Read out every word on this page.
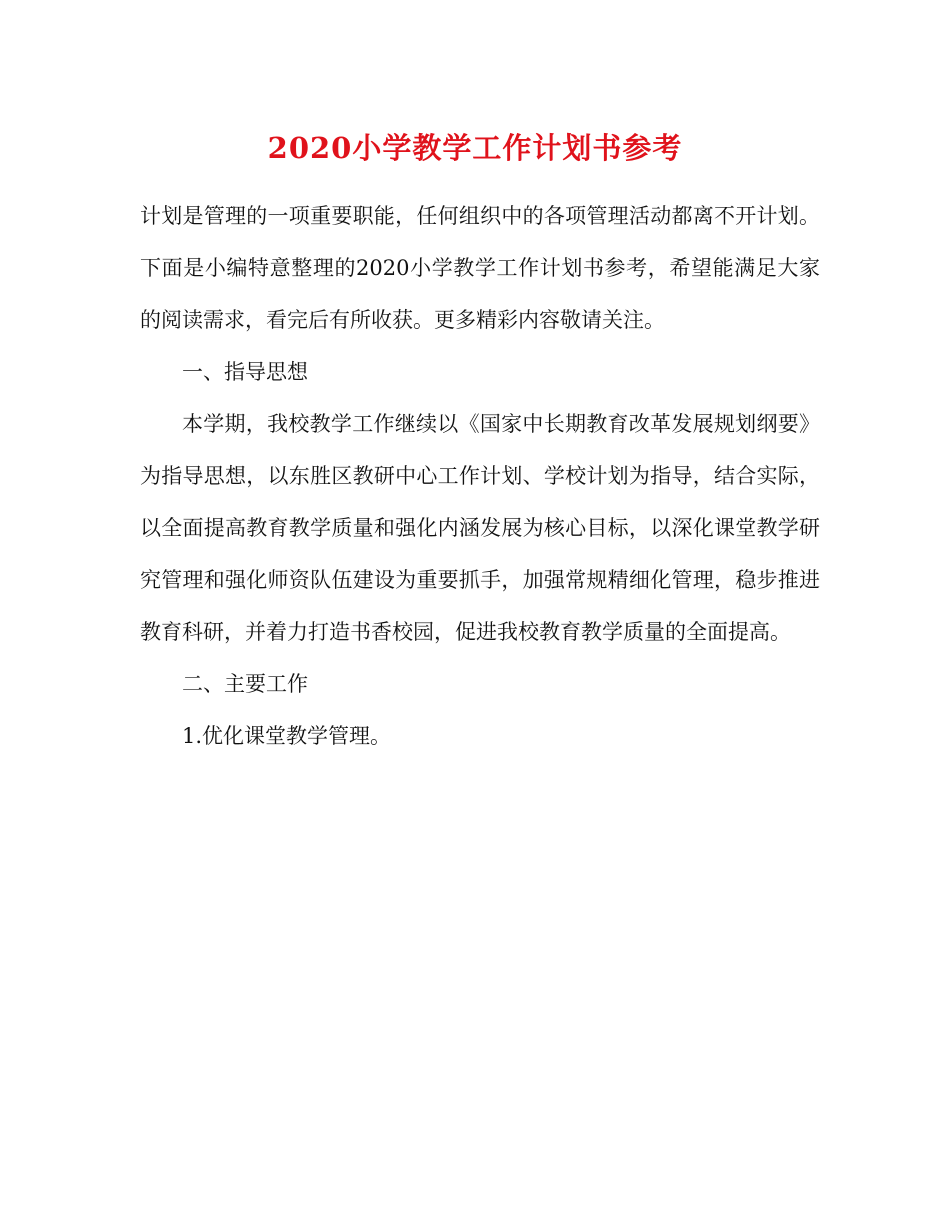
2020小学教学工作计划书参考

计划是管理的一项重要职能，任何组织中的各项管理活动都离不开计划。下面是小编特意整理的2020小学教学工作计划书参考，希望能满足大家的阅读需求，看完后有所收获。更多精彩内容敬请关注。

一、指导思想

本学期，我校教学工作继续以《国家中长期教育改革发展规划纲要》为指导思想，以东胜区教研中心工作计划、学校计划为指导，结合实际，以全面提高教育教学质量和强化内涵发展为核心目标，以深化课堂教学研究管理和强化师资队伍建设为重要抓手，加强常规精细化管理，稳步推进教育科研，并着力打造书香校园，促进我校教育教学质量的全面提高。

二、主要工作

1.优化课堂教学管理。
